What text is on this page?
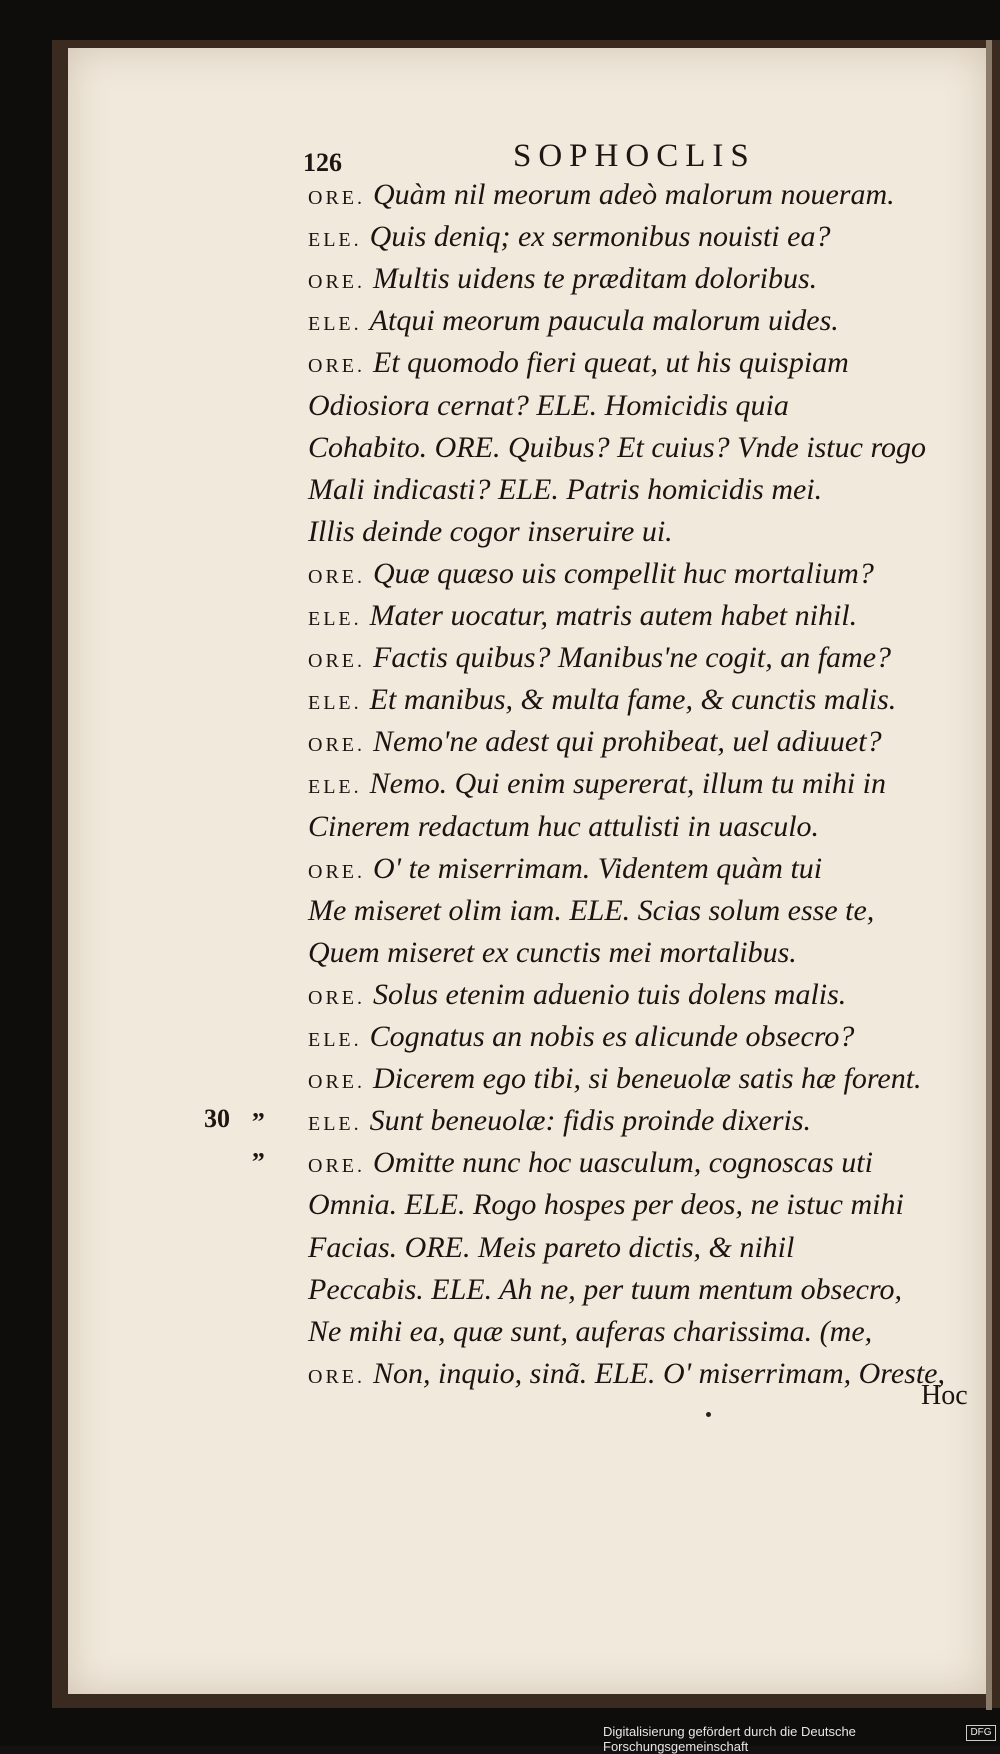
126	SOPHOCLIS
ORE. Quàm nil meorum adeò malorum noueram.
ELE. Quis deniq; ex sermonibus nouisti ea?
ORE. Multis uidens te præditam doloribus.
ELE. Atqui meorum paucula malorum uides.
ORE. Et quomodo fieri queat, ut his quispiam
Odiosiora cernat? ELE. Homicidis quia
Cohabito. ORE. Quibus? Et cuius? Vnde istuc rogo
Mali indicasti? ELE. Patris homicidis mei.
Illis deinde cogor inseruire ui.
ORE. Quæ quæso uis compellit huc mortalium?
ELE. Mater uocatur, matris autem habet nihil.
ORE. Factis quibus? Manibus'ne cogit, an fame?
ELE. Et manibus, & multa fame, & cunctis malis.
ORE. Nemo'ne adest qui prohibeat, uel adiuuet?
ELE. Nemo. Qui enim supererat, illum tu mihi in
Cinerem redactum huc attulisti in uasculo.
ORE. O' te miserrimam. Videntem quàm tui
Me miseret olim iam. ELE. Scias solum esse te,
Quem miseret ex cunctis mei mortalibus.
ORE. Solus etenim aduenio tuis dolens malis.
ELE. Cognatus an nobis es alicunde obsecro?
ORE. Dicerem ego tibi, si beneuolæ satis hæ forent.
ELE. Sunt beneuolæ: fidis proinde dixeris.
ORE. Omitte nunc hoc uasculum, cognoscas uti
Omnia. ELE. Rogo hospes per deos, ne istuc mihi
Facias. ORE. Meis pareto dictis, & nihil
Peccabis. ELE. Ah ne, per tuum mentum obsecro,
Ne mihi ea, quæ sunt, auferas charissima. (me,
ORE. Non, inquio, sinã. ELE. O' miserrimam, Oreste,
30 „
„
Hoc
Digitalisierung gefördert durch die Deutsche Forschungsgemeinschaft
DFG
